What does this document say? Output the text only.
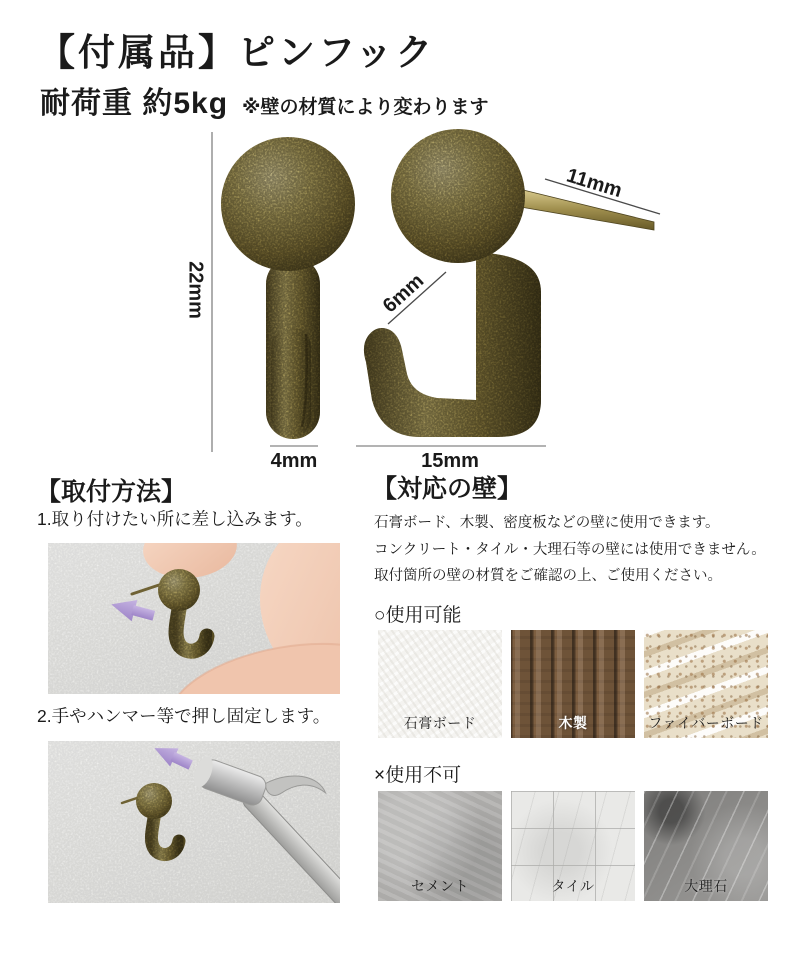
【付属品】ピンフック
耐荷重 約5kg ※壁の材質により変わります
22mm
11mm
6mm
4mm	15mm
【取付方法】
1.取り付けたい所に差し込みます。
2.手やハンマー等で押し固定します。
【対応の壁】
石膏ボード、木製、密度板などの壁に使用できます。
コンクリート・タイル・大理石等の壁には使用できません。
取付箇所の壁の材質をご確認の上、ご使用ください。
○使用可能
石膏ボード	木製	ファイバーボード
×使用不可
セメント	タイル	大理石
